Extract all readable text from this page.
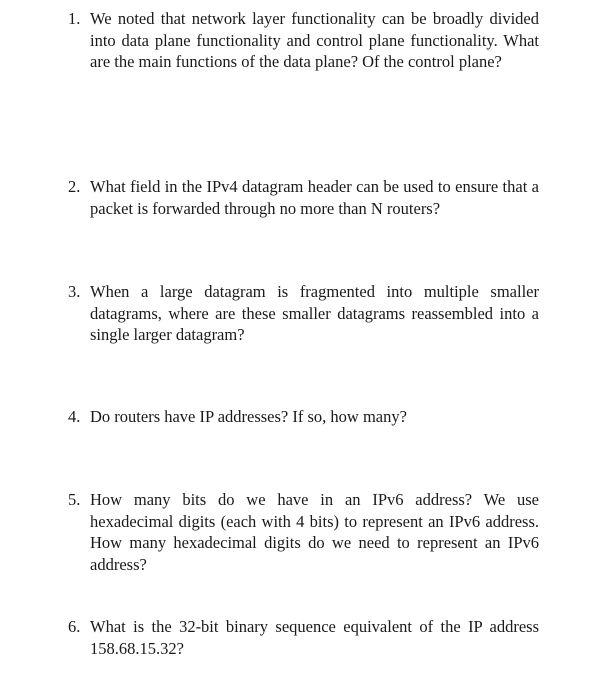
1. We noted that network layer functionality can be broadly divided into data plane functionality and control plane functionality. What are the main functions of the data plane? Of the control plane?
2. What field in the IPv4 datagram header can be used to ensure that a packet is forwarded through no more than N routers?
3. When a large datagram is fragmented into multiple smaller datagrams, where are these smaller datagrams reassembled into a single larger datagram?
4. Do routers have IP addresses? If so, how many?
5. How many bits do we have in an IPv6 address? We use hexadecimal digits (each with 4 bits) to represent an IPv6 address. How many hexadecimal digits do we need to represent an IPv6 address?
6. What is the 32-bit binary sequence equivalent of the IP address 158.68.15.32?
